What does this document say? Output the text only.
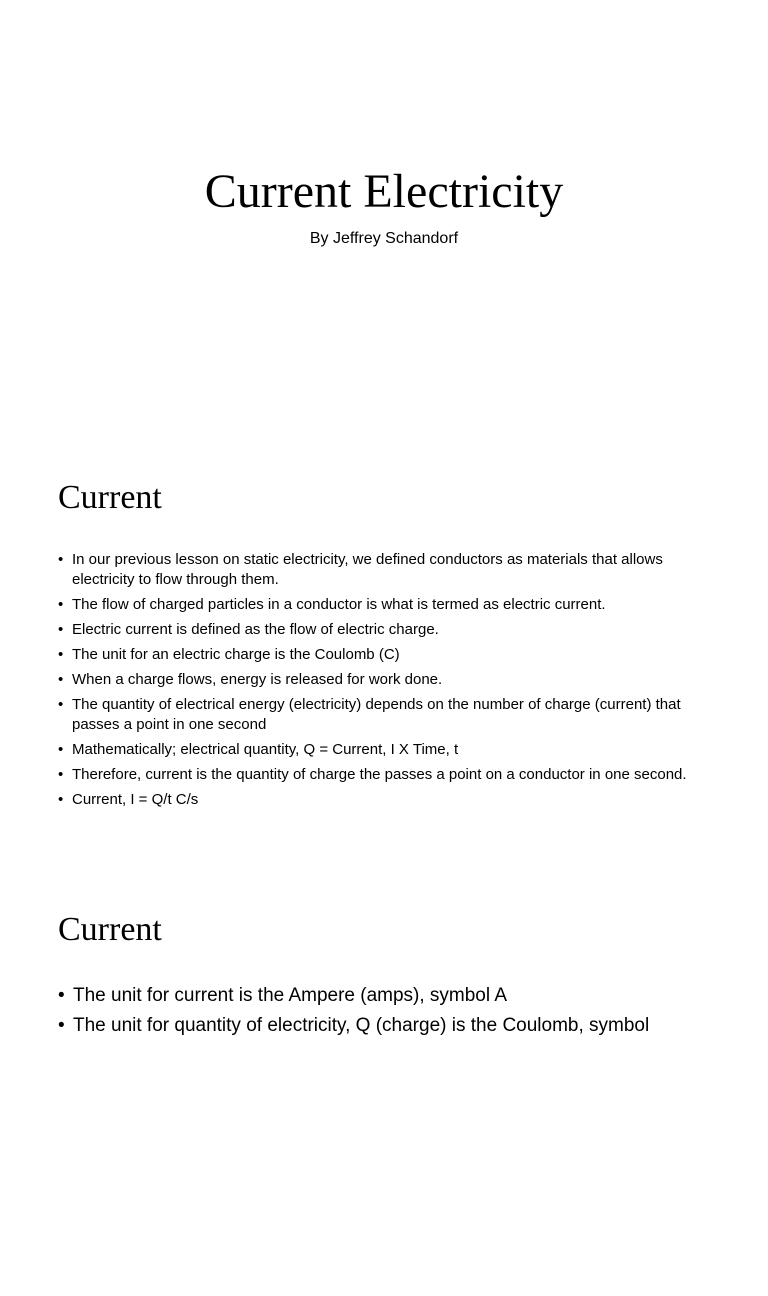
Current Electricity

By Jeffrey Schandorf

Current
• In our previous lesson on static electricity, we defined conductors as materials that allows electricity to flow through them.
• The flow of charged particles in a conductor is what is termed as electric current.
• Electric current is defined as the flow of electric charge.
• The unit for an electric charge is the Coulomb (C)
• When a charge flows, energy is released for work done.
• The quantity of electrical energy (electricity) depends on the number of charge (current) that passes a point in one second
• Mathematically; electrical quantity, Q = Current, I X Time, t
• Therefore, current is the quantity of charge the passes a point on a conductor in one second.
• Current, I = Q/t C/s
Current
• The unit for current is the Ampere (amps), symbol A
• The unit for quantity of electricity, Q (charge) is the Coulomb, symbol
